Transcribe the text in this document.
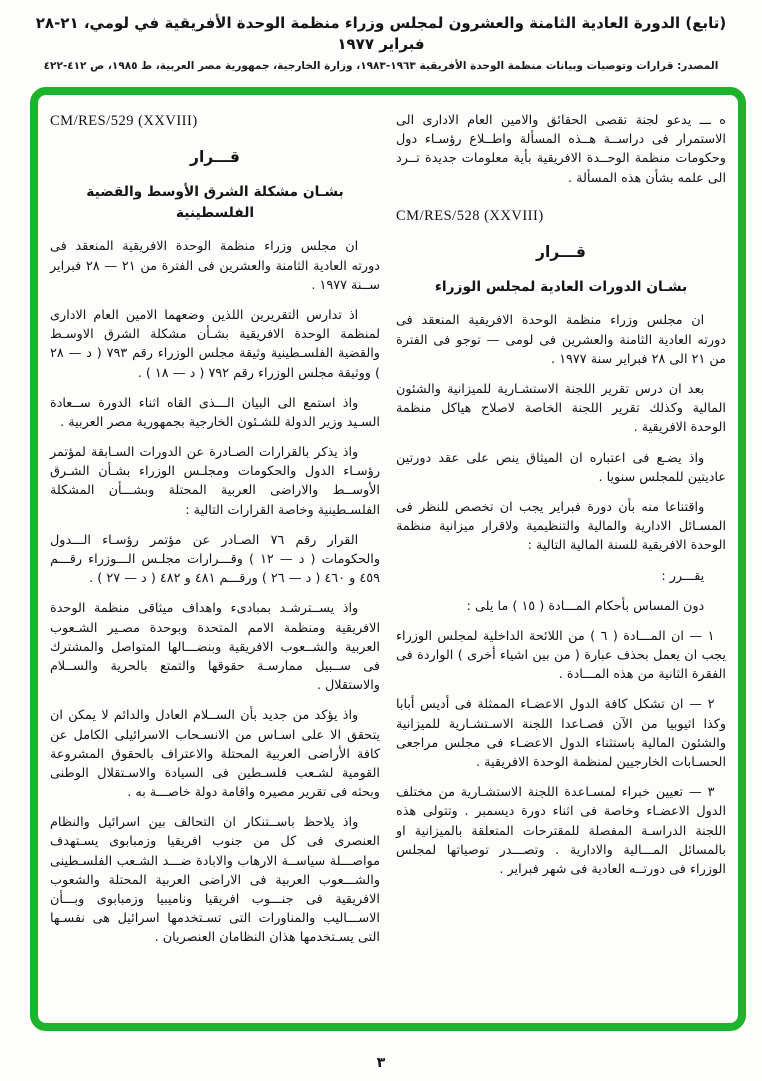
(تابع) الدورة العادية الثامنة والعشرون لمجلس وزراء منظمة الوحدة الأفريقية في لومي، ٢١-٢٨ فبراير ١٩٧٧
المصدر: قرارات وتوصيات وبيانات منظمة الوحدة الأفريقية ١٩٦٣-١٩٨٣، وزارة الخارجية، جمهورية مصر العربية، ط ١٩٨٥، ص ٤١٢-٤٢٢

ه ـــ يدعو لجنة تقصى الحقائق والامين العام الادارى الى الاستمرار فى دراســة هــذه المسألة واطــلاع رؤسـاء دول وحكومات منظمة الوحــدة الافريقية بأية معلومات جديدة تــرد الى علمه بشأن هذه المسألة .

CM/RES/528 (XXVIII)
قـــرار
بشـان الدورات العادية لمجلس الوزراء

ان مجلس وزراء منظمة الوحدة الافريقية المنعقد فى دورته العادية الثامنة والعشرين فى لومى — توجو فى الفترة من ٢١ الى ٢٨ فبراير سنة ١٩٧٧ .

بعد ان درس تقرير اللجنة الاستشـارية للميزانية والشئون المالية وكذلك تقرير اللجنة الخاصة لاصلاح هياكل منظمة الوحدة الافريقية .

واذ يضـع فى اعتباره ان الميثاق ينص على عقد دورتين عاديتين للمجلس سنويا .

واقتناعا منه بأن دورة فبراير يجب ان تخصص للنظر فى المسـائل الادارية والمالية والتنظيمية ولاقرار ميزانية منظمة الوحدة الافريقية للسنة المالية التالية :

يقـــرر :

دون المساس بأحكام المـــادة ( ١٥ ) ما يلى :

١ — ان المـــادة ( ٦ ) من اللائحة الداخلية لمجلس الوزراء يجب ان يعمل بحذف عبارة ( من بين اشياء أخرى ) الواردة فى الفقرة الثانية من هذه المـــادة .

٢ — ان تشكل كافة الدول الاعضـاء الممثلة فى أديس أبابا وكذا اثيوبيا من الآن فصـاعدا اللجنة الاسـتشـارية للميزانية والشئون المالية باستثناء الدول الاعضـاء فى مجلس مراجعى الحسـابات الخارجيين لمنظمة الوحدة الافريقية .

٣ — تعيين خبراء لمسـاعدة اللجنة الاستشـارية من مختلف الدول الاعضـاء وخاصة فى اثناء دورة ديسمبر . وتتولى هذه اللجنة الدراسـة المفصلة للمقترحات المتعلقة بالميزانية او بالمسائل المـــالية والادارية . وتصـــدر توصياتها لمجلس الوزراء فى دورتــه العادية فى شهر فبراير .

CM/RES/529 (XXVIII)
قـــرار
بشـان مشكلة الشرق الأوسط والقضية الفلسطينية

ان مجلس وزراء منظمة الوحدة الافريقية المنعقد فى دورته العادية الثامنة والعشرين فى الفترة من ٢١ — ٢٨ فبراير ســنة ١٩٧٧ .

اذ تدارس التقريرين اللذين وضعهما الامين العام الادارى لمنظمة الوحدة الافريقية بشـأن مشكلة الشرق الاوسـط والقضية الفلسـطينية وثيقة مجلس الوزراء رقم ٧٩٣ ( د — ٢٨ ) ووثيقة مجلس الوزراء رقم ٧٩٢ ( د — ١٨ ) .

واذ استمع الى البيان الـــذى القاه اثناء الدورة ســعادة السـيد وزير الدولة للشـئون الخارجية بجمهورية مصر العربية .

واذ يذكر بالقرارات الصـادرة عن الدورات السـابقة لمؤتمر رؤسـاء الدول والحكومات ومجلـس الوزراء بشـأن الشـرق الأوســط والاراضى العربية المحتلة وبشـــأن المشكلة الفلسـطينية وخاصة القرارات التالية :

القرار رقم ٧٦ الصـادر عن مؤتمر رؤسـاء الـــدول والحكومات ( د — ١٢ ) وقـــرارات مجلـس الـــوزراء رقـــم ٤٥٩ و ٤٦٠ ( د — ٢٦ ) ورقـــم ٤٨١ و ٤٨٢ ( د — ٢٧ ) .

واذ يســترشـد بمبادىء واهداف ميثاقى منظمة الوحدة الافريقية ومنظمة الامم المتحدة وبوحدة مصـير الشـعوب العربية والشــعوب الافريقية وبنضـــالها المتواصل والمشترك فى ســبيل ممارسـة حقوقها والتمتع بالحرية والســلام والاستقلال .

واذ يؤكد من جديد بأن الســلام العادل والدائم لا يمكن ان يتحقق الا على اسـاس من الانسـحاب الاسرائيلى الكامل عن كافة الأراضى العربية المحتلة والاعتراف بالحقوق المشروعة القومية لشـعب فلسـطين فى السيادة والاسـتقلال الوطنى وبحثه فى تقرير مصيره واقامة دولة خاصـــة به .

واذ يلاحظ باســتنكار ان التحالف بين اسرائيل والنظام العنصرى فى كل من جنوب افريقيا وزمبابوى يسـتهدف مواصـــلة سياســة الارهاب والابادة ضـــد الشـعب الفلسـطينى والشـــعوب العربية فى الاراضى العربية المحتلة والشعوب الافريقية فى جنـــوب افريقيا وناميبيا وزمبابوى وبـــأن الاســـاليب والمناورات التى تسـتخدمها اسرائيل هى نفسـها التى يسـتخدمها هذان النظامان العنصريان .

٣
